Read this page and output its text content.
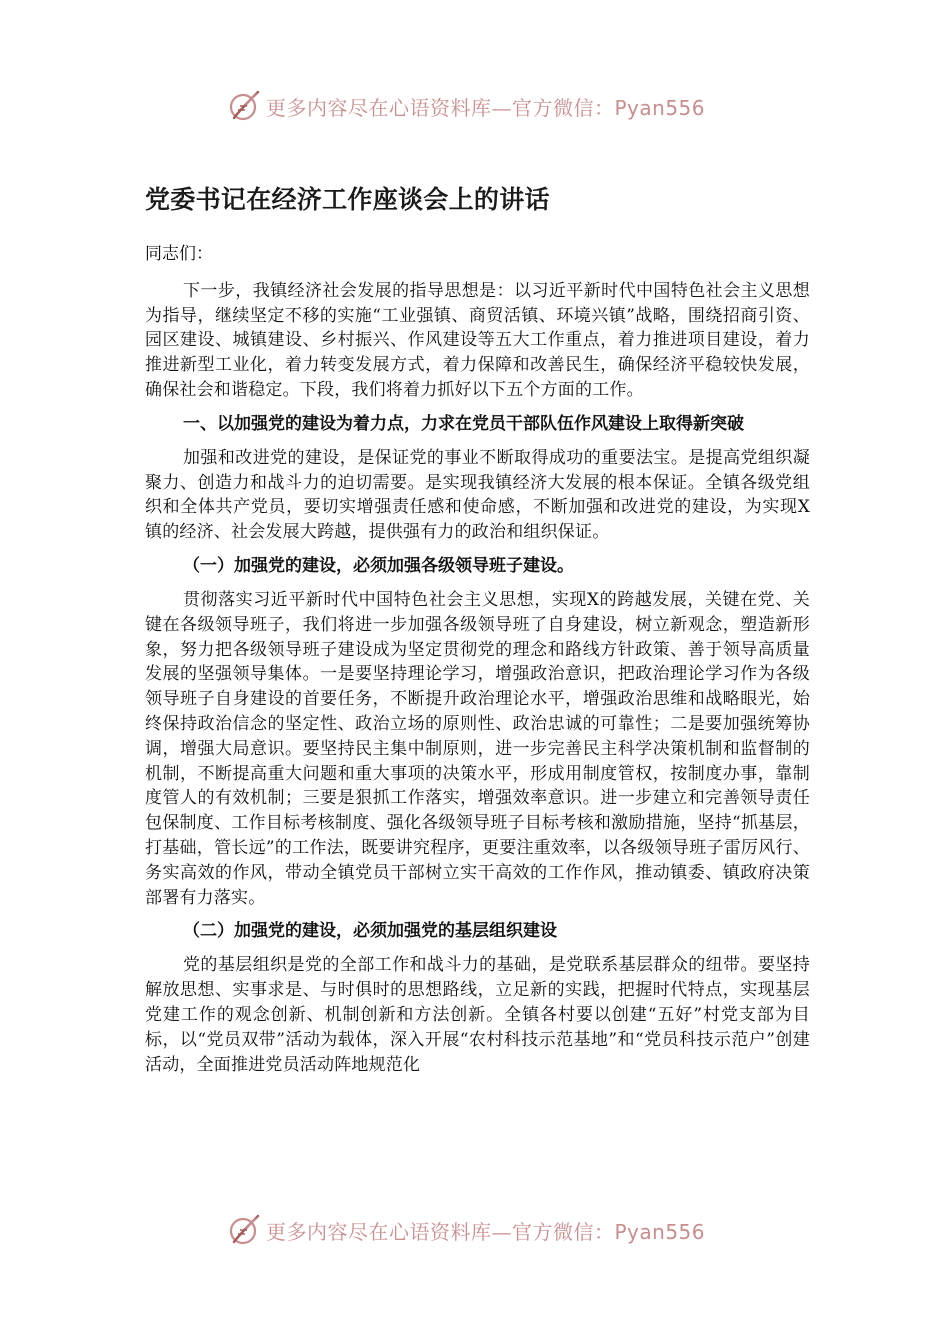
更多内容尽在心语资料库—官方微信：Pyan556
党委书记在经济工作座谈会上的讲话
同志们：

下一步，我镇经济社会发展的指导思想是：以习近平新时代中国特色社会主义思想为指导，继续坚定不移的实施“工业强镇、商贸活镇、环境兴镇”战略，围绕招商引资、园区建设、城镇建设、乡村振兴、作风建设等五大工作重点，着力推进项目建设，着力推进新型工业化，着力转变发展方式，着力保障和改善民生，确保经济平稳较快发展，确保社会和谐稳定。下段，我们将着力抓好以下五个方面的工作。

一、以加强党的建设为着力点，力求在党员干部队伍作风建设上取得新突破

加强和改进党的建设，是保证党的事业不断取得成功的重要法宝。是提高党组织凝聚力、创造力和战斗力的迫切需要。是实现我镇经济大发展的根本保证。全镇各级党组织和全体共产党员，要切实增强责任感和使命感，不断加强和改进党的建设，为实现X镇的经济、社会发展大跨越，提供强有力的政治和组织保证。

（一）加强党的建设，必须加强各级领导班子建设。

贯彻落实习近平新时代中国特色社会主义思想，实现X的跨越发展，关键在党、关键在各级领导班子，我们将进一步加强各级领导班了自身建设，树立新观念，塑造新形象，努力把各级领导班子建设成为坚定贯彻党的理念和路线方针政策、善于领导高质量发展的坚强领导集体。一是要坚持理论学习，增强政治意识，把政治理论学习作为各级领导班子自身建设的首要任务，不断提升政治理论水平，增强政治思维和战略眼光，始终保持政治信念的坚定性、政治立场的原则性、政治忠诚的可靠性；二是要加强统筹协调，增强大局意识。要坚持民主集中制原则，进一步完善民主科学决策机制和监督制的机制，不断提高重大问题和重大事项的决策水平，形成用制度管权，按制度办事，靠制度管人的有效机制；三要是狠抓工作落实，增强效率意识。进一步建立和完善领导责任包保制度、工作目标考核制度、强化各级领导班子目标考核和激励措施，坚持“抓基层，打基础，管长远”的工作法，既要讲究程序，更要注重效率，以各级领导班子雷厉风行、务实高效的作风，带动全镇党员干部树立实干高效的工作作风，推动镇委、镇政府决策部署有力落实。

（二）加强党的建设，必须加强党的基层组织建设

党的基层组织是党的全部工作和战斗力的基础，是党联系基层群众的纽带。要坚持解放思想、实事求是、与时俱时的思想路线，立足新的实践，把握时代特点，实现基层党建工作的观念创新、机制创新和方法创新。全镇各村要以创建“五好”村党支部为目标，以“党员双带”活动为载体，深入开展“农村科技示范基地”和“党员科技示范户”创建活动，全面推进党员活动阵地规范化

更多内容尽在心语资料库—官方微信：Pyan556
